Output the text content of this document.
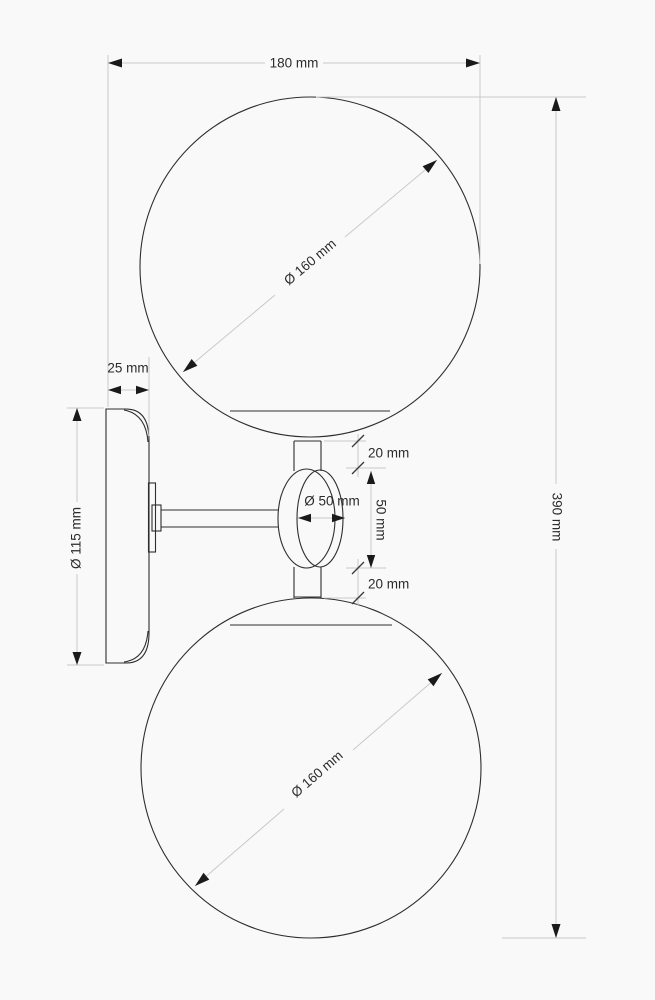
180 mm
390 mm
25 mm
Ø 115 mm
Ø 160 mm
Ø 160 mm
Ø 50 mm 50 mm
20 mm
20 mm
